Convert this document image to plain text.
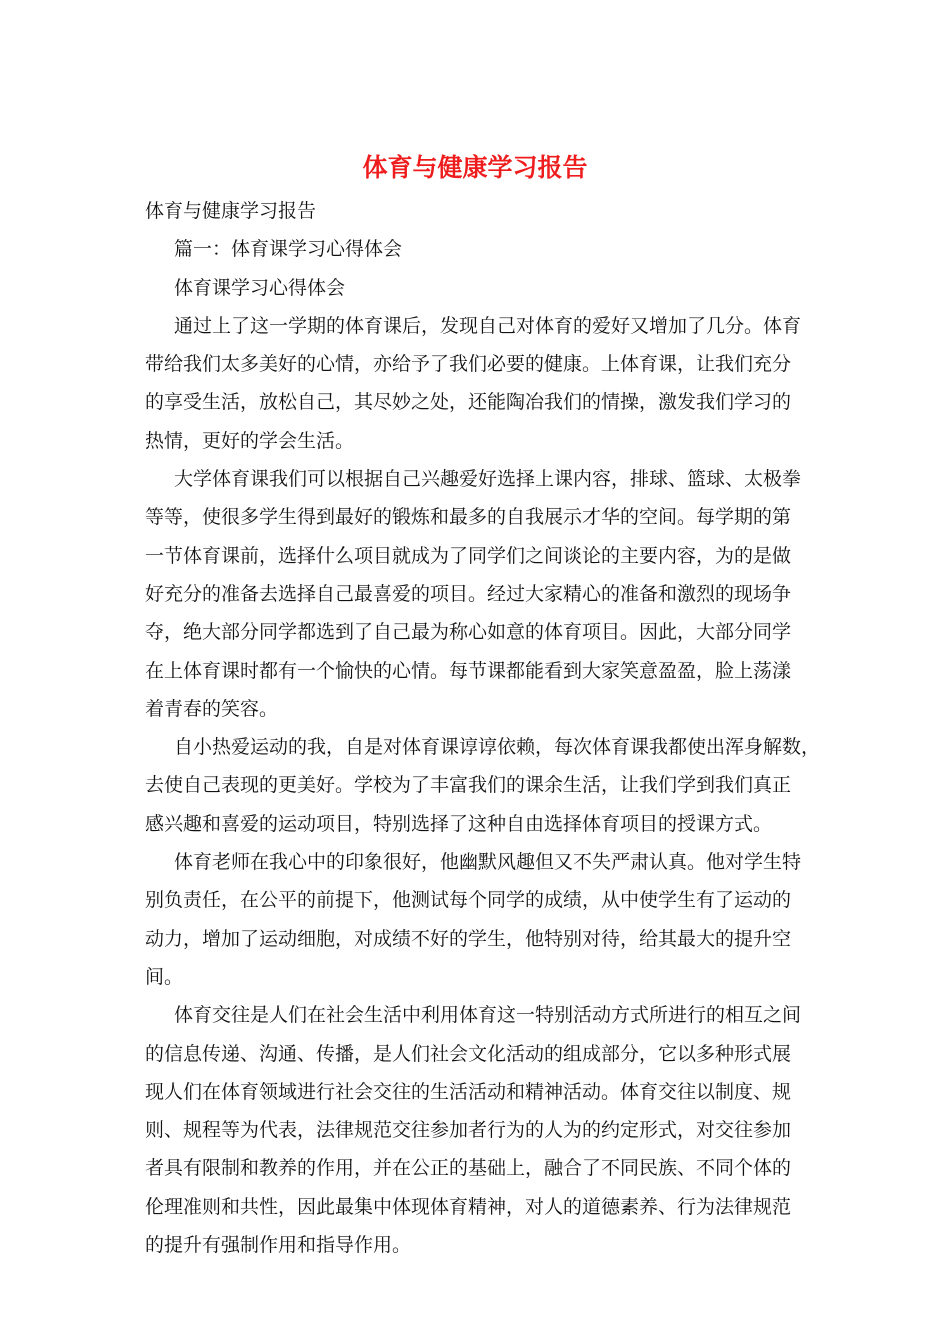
体育与健康学习报告

体育与健康学习报告

篇一：体育课学习心得体会

体育课学习心得体会

通过上了这一学期的体育课后，发现自己对体育的爱好又增加了几分。体育

带给我们太多美好的心情，亦给予了我们必要的健康。上体育课，让我们充分

的享受生活，放松自己，其尽妙之处，还能陶冶我们的情操，激发我们学习的

热情，更好的学会生活。

大学体育课我们可以根据自己兴趣爱好选择上课内容，排球、篮球、太极拳

等等，使很多学生得到最好的锻炼和最多的自我展示才华的空间。每学期的第

一节体育课前，选择什么项目就成为了同学们之间谈论的主要内容，为的是做

好充分的准备去选择自己最喜爱的项目。经过大家精心的准备和激烈的现场争

夺，绝大部分同学都选到了自己最为称心如意的体育项目。因此，大部分同学

在上体育课时都有一个愉快的心情。每节课都能看到大家笑意盈盈，脸上荡漾

着青春的笑容。

自小热爱运动的我，自是对体育课谆谆依赖，每次体育课我都使出浑身解数，

去使自己表现的更美好。学校为了丰富我们的课余生活，让我们学到我们真正

感兴趣和喜爱的运动项目，特别选择了这种自由选择体育项目的授课方式。

体育老师在我心中的印象很好，他幽默风趣但又不失严肃认真。他对学生特

别负责任，在公平的前提下，他测试每个同学的成绩，从中使学生有了运动的

动力，增加了运动细胞，对成绩不好的学生，他特别对待，给其最大的提升空

间。

体育交往是人们在社会生活中利用体育这一特别活动方式所进行的相互之间

的信息传递、沟通、传播，是人们社会文化活动的组成部分，它以多种形式展

现人们在体育领域进行社会交往的生活活动和精神活动。体育交往以制度、规

则、规程等为代表，法律规范交往参加者行为的人为的约定形式，对交往参加

者具有限制和教养的作用，并在公正的基础上，融合了不同民族、不同个体的

伦理准则和共性，因此最集中体现体育精神，对人的道德素养、行为法律规范

的提升有强制作用和指导作用。
